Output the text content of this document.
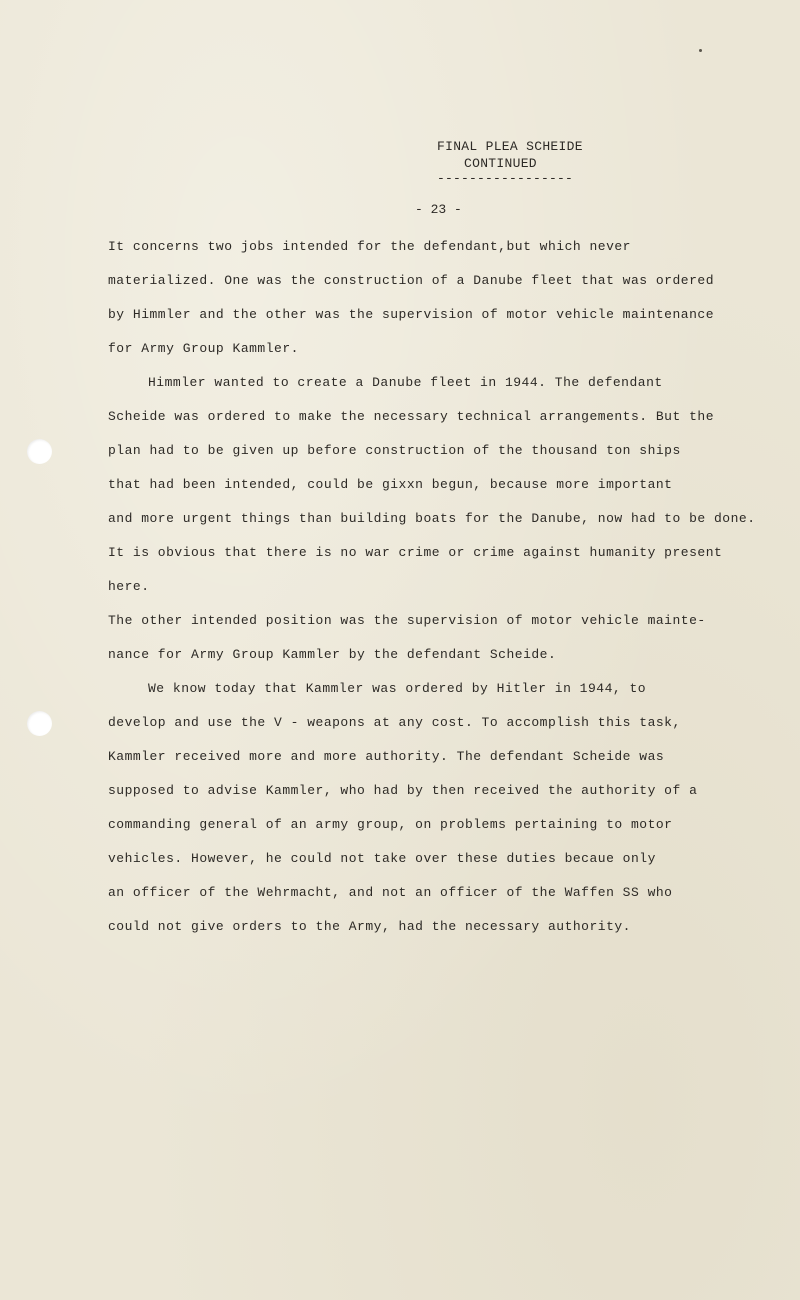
FINAL PLEA SCHEIDE
CONTINUED
-----------------
- 23 -
It concerns two jobs intended for the defendant,but which never
materialized. One was the construction of a Danube fleet that was ordered
by Himmler and the other was the supervision of motor vehicle maintenance
for Army Group Kammler.
Himmler wanted to create a Danube fleet in 1944. The defendant
Scheide was ordered to make the necessary technical arrangements. But the
plan had to be given up before construction of the thousand ton ships
that had been intended, could be gixxn begun, because more important
and more urgent things than building boats for the Danube, now had to be done.
It is obvious that there is no war crime or crime against humanity present
here.
The other intended position was the supervision of motor vehicle mainte-
nance for Army Group Kammler by the defendant Scheide.
We know today that Kammler was ordered by Hitler in 1944, to
develop and use the V - weapons at any cost. To accomplish this task,
Kammler received more and more authority. The defendant Scheide was
supposed to advise Kammler, who had by then received the authority of a
commanding general of an army group, on problems pertaining to motor
vehicles. However, he could not take over these duties becaue only
an officer of the Wehrmacht, and not an officer of the Waffen SS who
could not give orders to the Army, had the necessary authority.
